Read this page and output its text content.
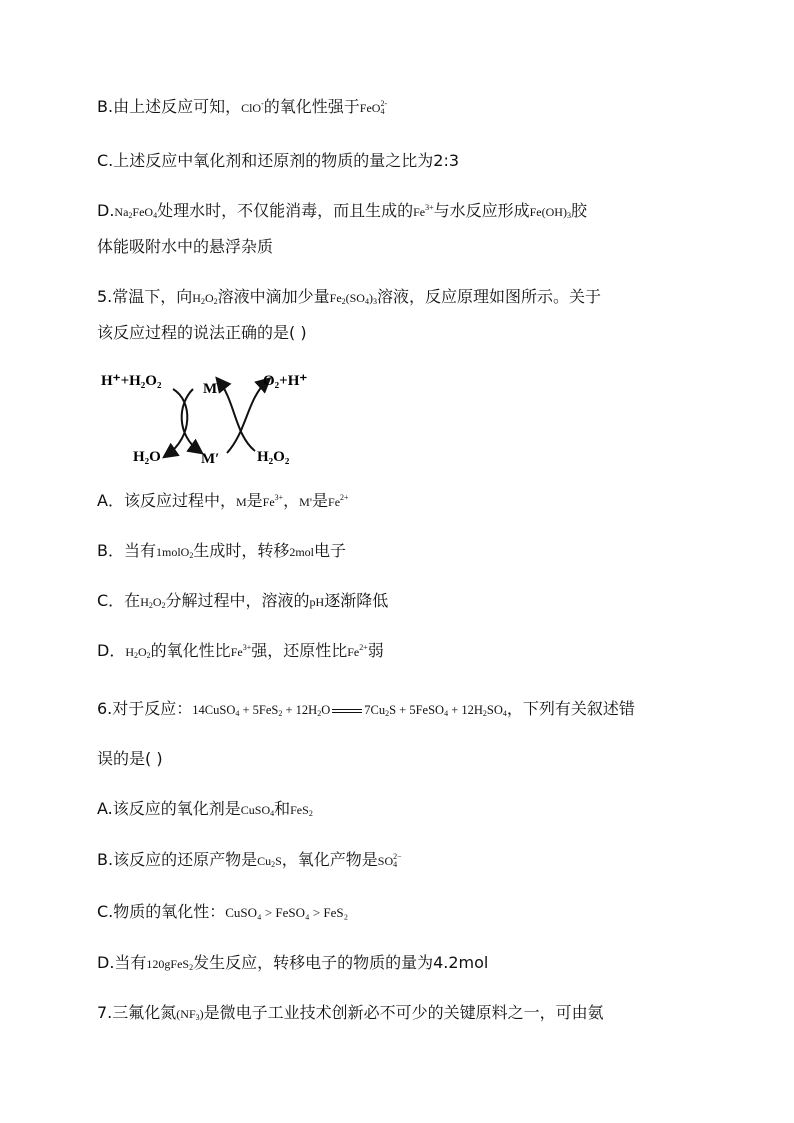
B.由上述反应可知，ClO-的氧化性强于FeO$_4^{2-}$
C.上述反应中氧化剂和还原剂的物质的量之比为2:3
$D.Na_2FeO_4$处理水时，不仅能消毒，而且生成的$Fe^{3+}$与水反应形成$Fe(OH)_3$胶
体能吸附水中的悬浮杂质
5.常温下，向$H_2O_2$溶液中滴加少量$Fe_2(SO_4)_3$溶液，反应原理如图所示。关于
该反应过程的说法正确的是( )
H⁺+H₂O₂
H₂O
M
M′
O₂+H⁺
H₂O₂
A．该反应过程中，M是$Fe^{3+}$，M'是$Fe^{2+}$
B．当有1molO$_2$生成时，转移2mol电子
C．在$H_2O_2$分解过程中，溶液的pH逐渐降低
D．$H_2O_2$的氧化性比$Fe^{3+}$强，还原性比$Fe^{2+}$弱
6.对于反应：14CuSO$_4$ + $5FeS_2 + 12H_2O$	$7Cu_2S$ + 5FeSO$_4$ + $12H_2SO_4$，下列有关叙述错
误的是( )
A.该反应的氧化剂是CuSO$_4$和FeS$_2$
B.该反应的还原产物是$Cu_2S$，氧化产物是$SO_4^{2-}$
C.物质的氧化性：CuSO₄ > FeSO₄ > FeS₂
D.当有120gFeS$_2$发生反应，转移电子的物质的量为4.2mol
7.三氟化氮$(NF_3)$是微电子工业技术创新必不可少的关键原料之一，可由氨
